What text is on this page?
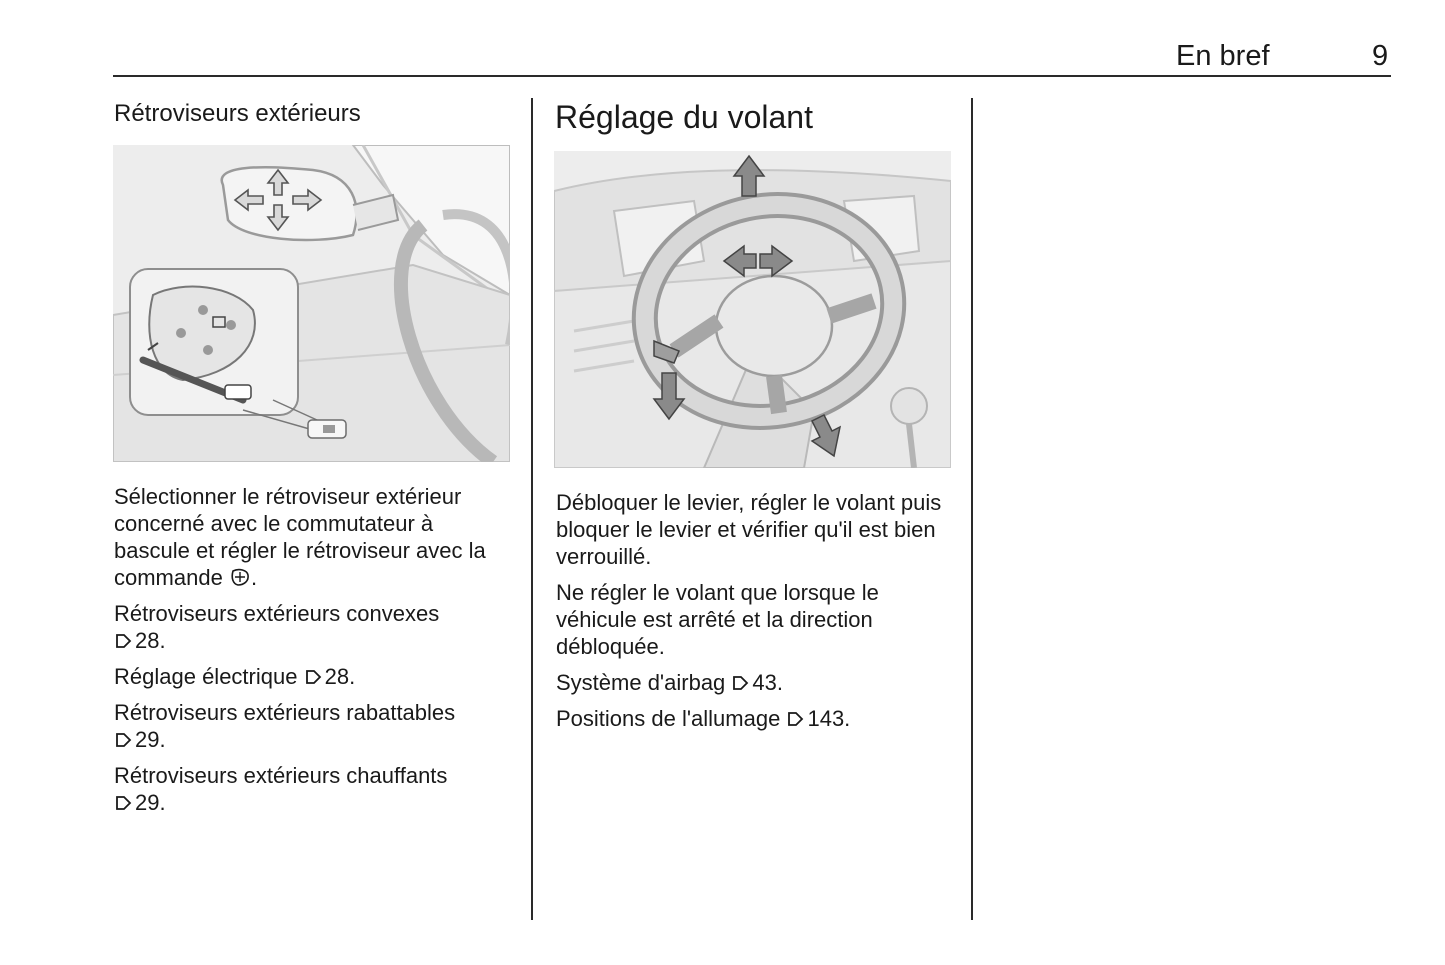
En bref	9
Rétroviseurs extérieurs

Sélectionner le rétroviseur extérieur concerné avec le commutateur à bascule et régler le rétroviseur avec la commande .

Rétroviseurs extérieurs convexes
28.

Réglage électrique 28.

Rétroviseurs extérieurs rabattables
29.

Rétroviseurs extérieurs chauffants
29.

Réglage du volant

Débloquer le levier, régler le volant puis bloquer le levier et vérifier qu'il est bien verrouillé.

Ne régler le volant que lorsque le véhicule est arrêté et la direction débloquée.

Système d'airbag 43.

Positions de l'allumage 143.
